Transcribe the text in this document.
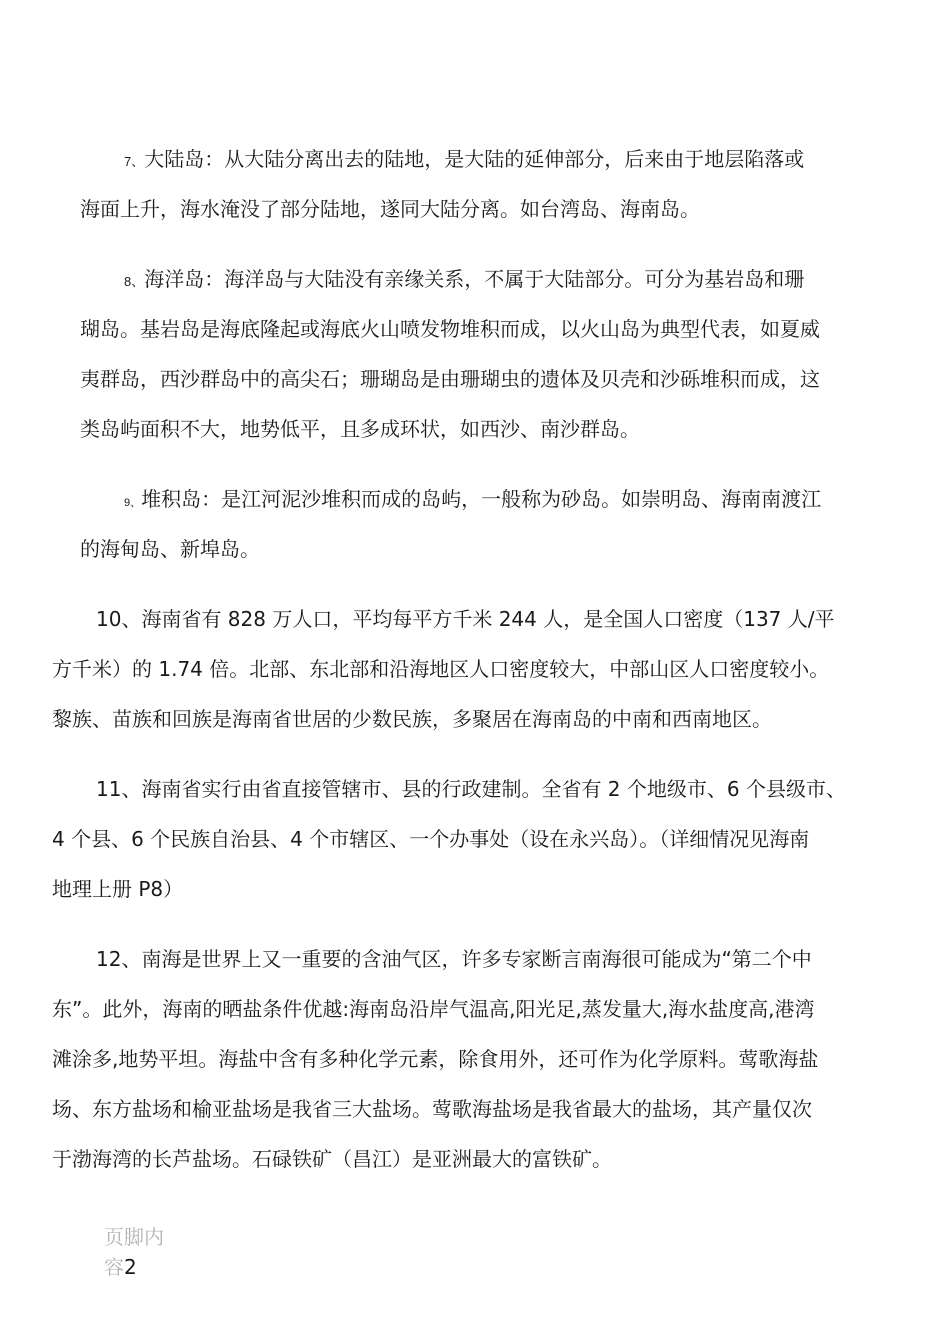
7、大陆岛：从大陆分离出去的陆地，是大陆的延伸部分，后来由于地层陷落或
海面上升，海水淹没了部分陆地，遂同大陆分离。如台湾岛、海南岛。
8、海洋岛：海洋岛与大陆没有亲缘关系，不属于大陆部分。可分为基岩岛和珊
瑚岛。基岩岛是海底隆起或海底火山喷发物堆积而成，以火山岛为典型代表，如夏威
夷群岛，西沙群岛中的高尖石；珊瑚岛是由珊瑚虫的遗体及贝壳和沙砾堆积而成，这
类岛屿面积不大，地势低平，且多成环状，如西沙、南沙群岛。
9、堆积岛：是江河泥沙堆积而成的岛屿，一般称为砂岛。如崇明岛、海南南渡江
的海甸岛、新埠岛。
10、海南省有 828 万人口，平均每平方千米 244 人，是全国人口密度（137 人/平
方千米）的 1.74 倍。北部、东北部和沿海地区人口密度较大，中部山区人口密度较小。
黎族、苗族和回族是海南省世居的少数民族，多聚居在海南岛的中南和西南地区。
11、海南省实行由省直接管辖市、县的行政建制。全省有 2 个地级市、6 个县级市、
4 个县、6 个民族自治县、4 个市辖区、一个办事处（设在永兴岛）。（详细情况见海南
地理上册 P8）
12、南海是世界上又一重要的含油气区，许多专家断言南海很可能成为“第二个中
东”。此外，海南的晒盐条件优越:海南岛沿岸气温高,阳光足,蒸发量大,海水盐度高,港湾
滩涂多,地势平坦。海盐中含有多种化学元素，除食用外，还可作为化学原料。莺歌海盐
场、东方盐场和榆亚盐场是我省三大盐场。莺歌海盐场是我省最大的盐场，其产量仅次
于渤海湾的长芦盐场。石碌铁矿（昌江）是亚洲最大的富铁矿。
页脚内
容2
